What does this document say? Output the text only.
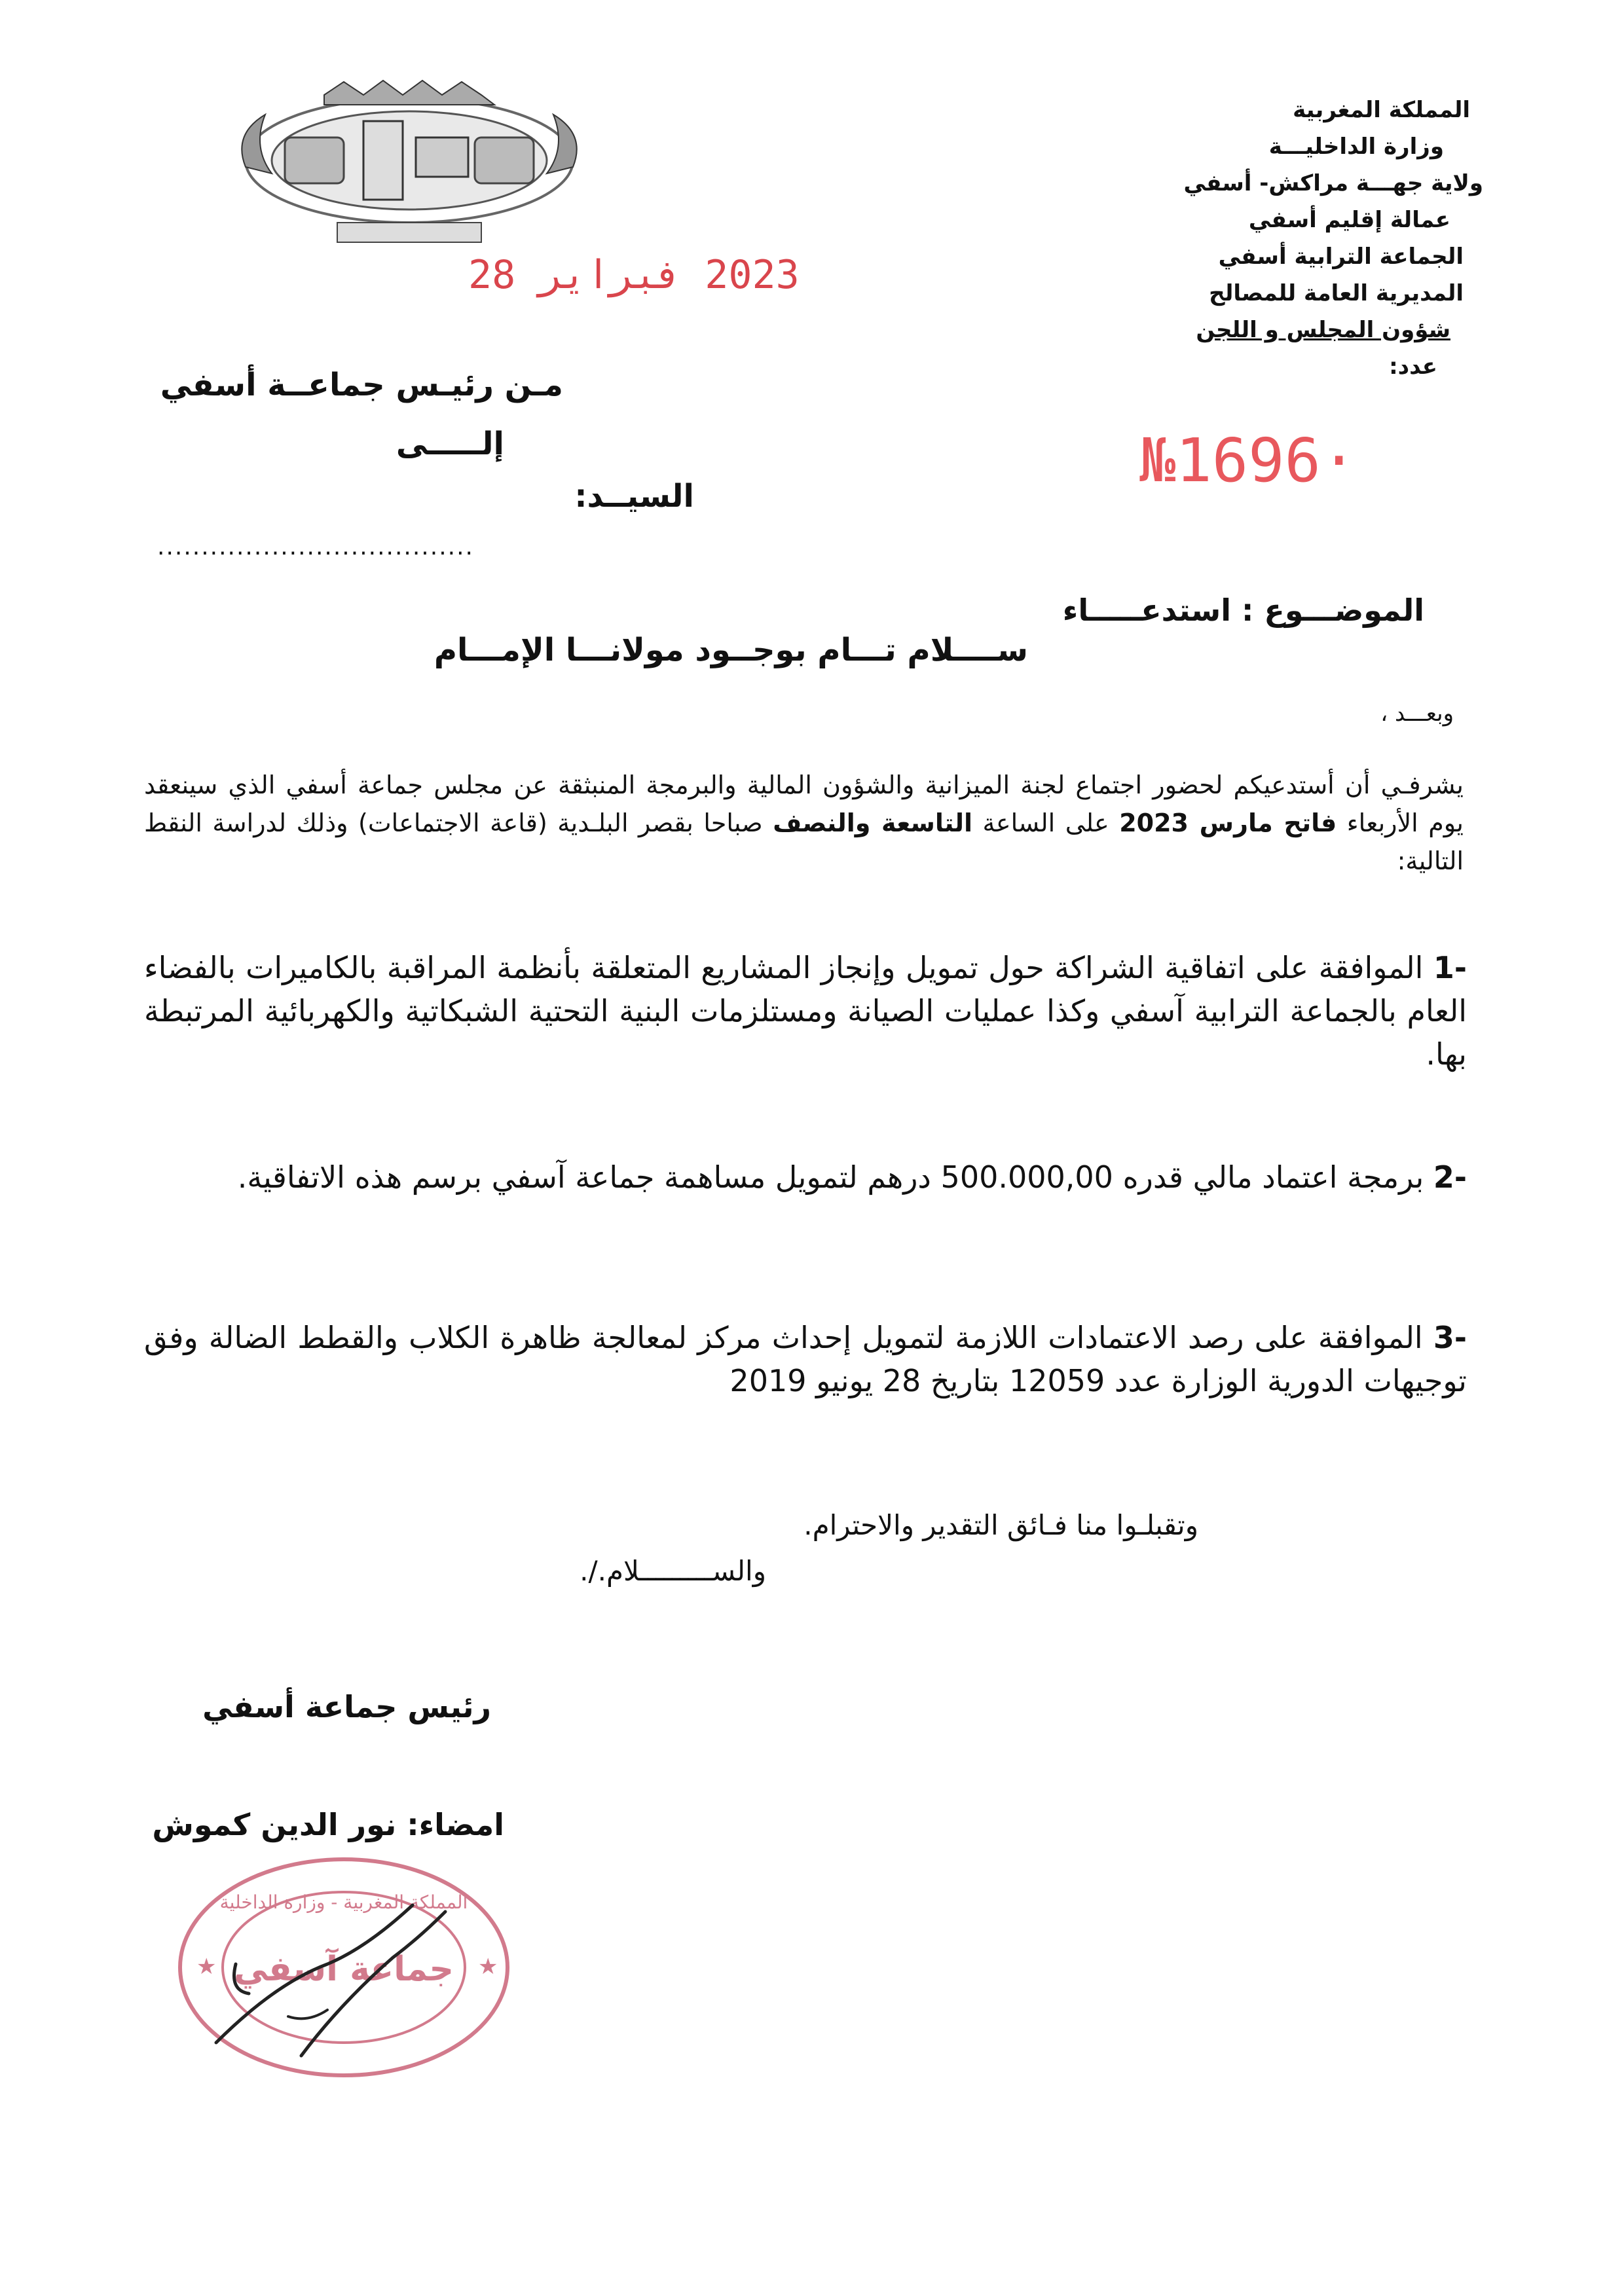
المملكة المغربية
وزارة الداخليـــة
ولاية جهـــة مراكش- أسفي
عمالة إقليم أسفي
الجماعة الترابية أسفي
المديرية العامة للمصالح
شؤون المجلس و اللجن
عدد:
2023 فبراير 28
مـن رئيـس جماعــة أسفي
إلـــــى
السيــد:
....................................
№1696·
الموضـــوع : استدعـــــاء
ســــلام تـــام بوجــود مولانـــا الإمـــام
وبعـــد ،
يشرفـي أن أستدعيكم لحضور اجتماع لجنة الميزانية والشؤون المالية والبرمجة المنبثقة عن مجلس جماعة أسفي الذي سينعقد يوم الأربعاء فاتح مارس 2023 على الساعة التاسعة والنصف صباحا بقصر البلـدية (قاعة الاجتماعات) وذلك لدراسة النقط التالية:
-1 الموافقة على اتفاقية الشراكة حول تمويل وإنجاز المشاريع المتعلقة بأنظمة المراقبة بالكاميرات بالفضاء العام بالجماعة الترابية آسفي وكذا عمليات الصيانة ومستلزمات البنية التحتية الشبكاتية والكهربائية المرتبطة بها.
-2 برمجة اعتماد مالي قدره 500.000,00 درهم لتمويل مساهمة جماعة آسفي برسم هذه الاتفاقية.
-3 الموافقة على رصد الاعتمادات اللازمة لتمويل إحداث مركز لمعالجة ظاهرة الكلاب والقطط الضالة وفق توجيهات الدورية الوزارة عدد 12059 بتاريخ 28 يونيو 2019
وتقبلـوا منا فـائق التقدير والاحترام.
والســـــــــلام./.
رئيس جماعة أسفي
امضاء: نور الدين كموش
جماعة آسفي
المملكة المغربية - وزارة الداخلية
★	★
